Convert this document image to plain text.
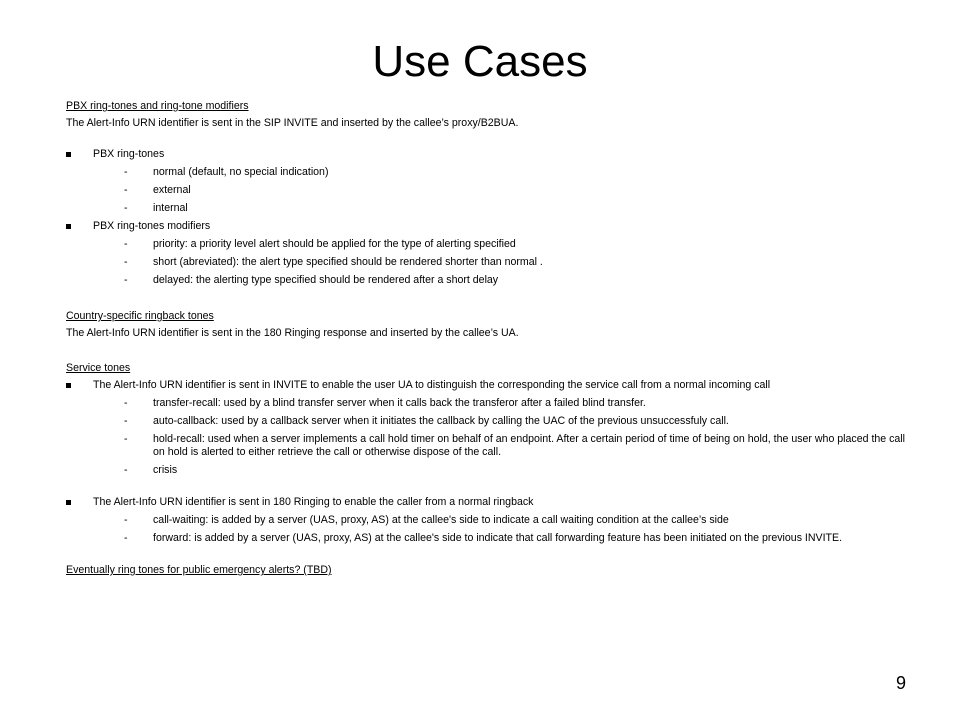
Use Cases
PBX ring-tones and ring-tone modifiers
The Alert-Info URN identifier is sent in the SIP INVITE and inserted by the callee’s proxy/B2BUA.
PBX ring-tones
- normal (default, no special indication)
- external
- internal
PBX ring-tones modifiers
- priority: a priority level alert should be applied for the type of alerting specified
- short (abreviated): the alert type specified should be rendered shorter than normal .
- delayed: the alerting type specified should be rendered after a short delay
Country-specific ringback tones
The Alert-Info URN identifier is sent in the 180 Ringing response and inserted by the callee’s UA.
Service tones
The Alert-Info URN identifier is sent in INVITE to enable the user UA to distinguish the corresponding the service call from a normal incoming call
- transfer-recall: used by a blind transfer server when it calls back the transferor after a failed blind transfer.
- auto-callback: used by a callback server when it initiates the callback by calling the UAC of the previous unsuccessfuly call.
- hold-recall: used when a server implements a call hold timer on behalf of an endpoint. After a certain period of time of being on hold, the user who placed the call on hold is alerted to either retrieve the call or otherwise dispose of the call.
- crisis
The Alert-Info URN identifier is sent in 180 Ringing to enable the caller from a normal ringback
- call-waiting: is added by a server (UAS, proxy, AS) at the callee's side to indicate a call waiting condition at the callee’s side
- forward: is added by a server (UAS, proxy, AS) at the callee's side to indicate that call forwarding feature has been initiated on the previous INVITE.
Eventually ring tones for public emergency alerts? (TBD)
9
